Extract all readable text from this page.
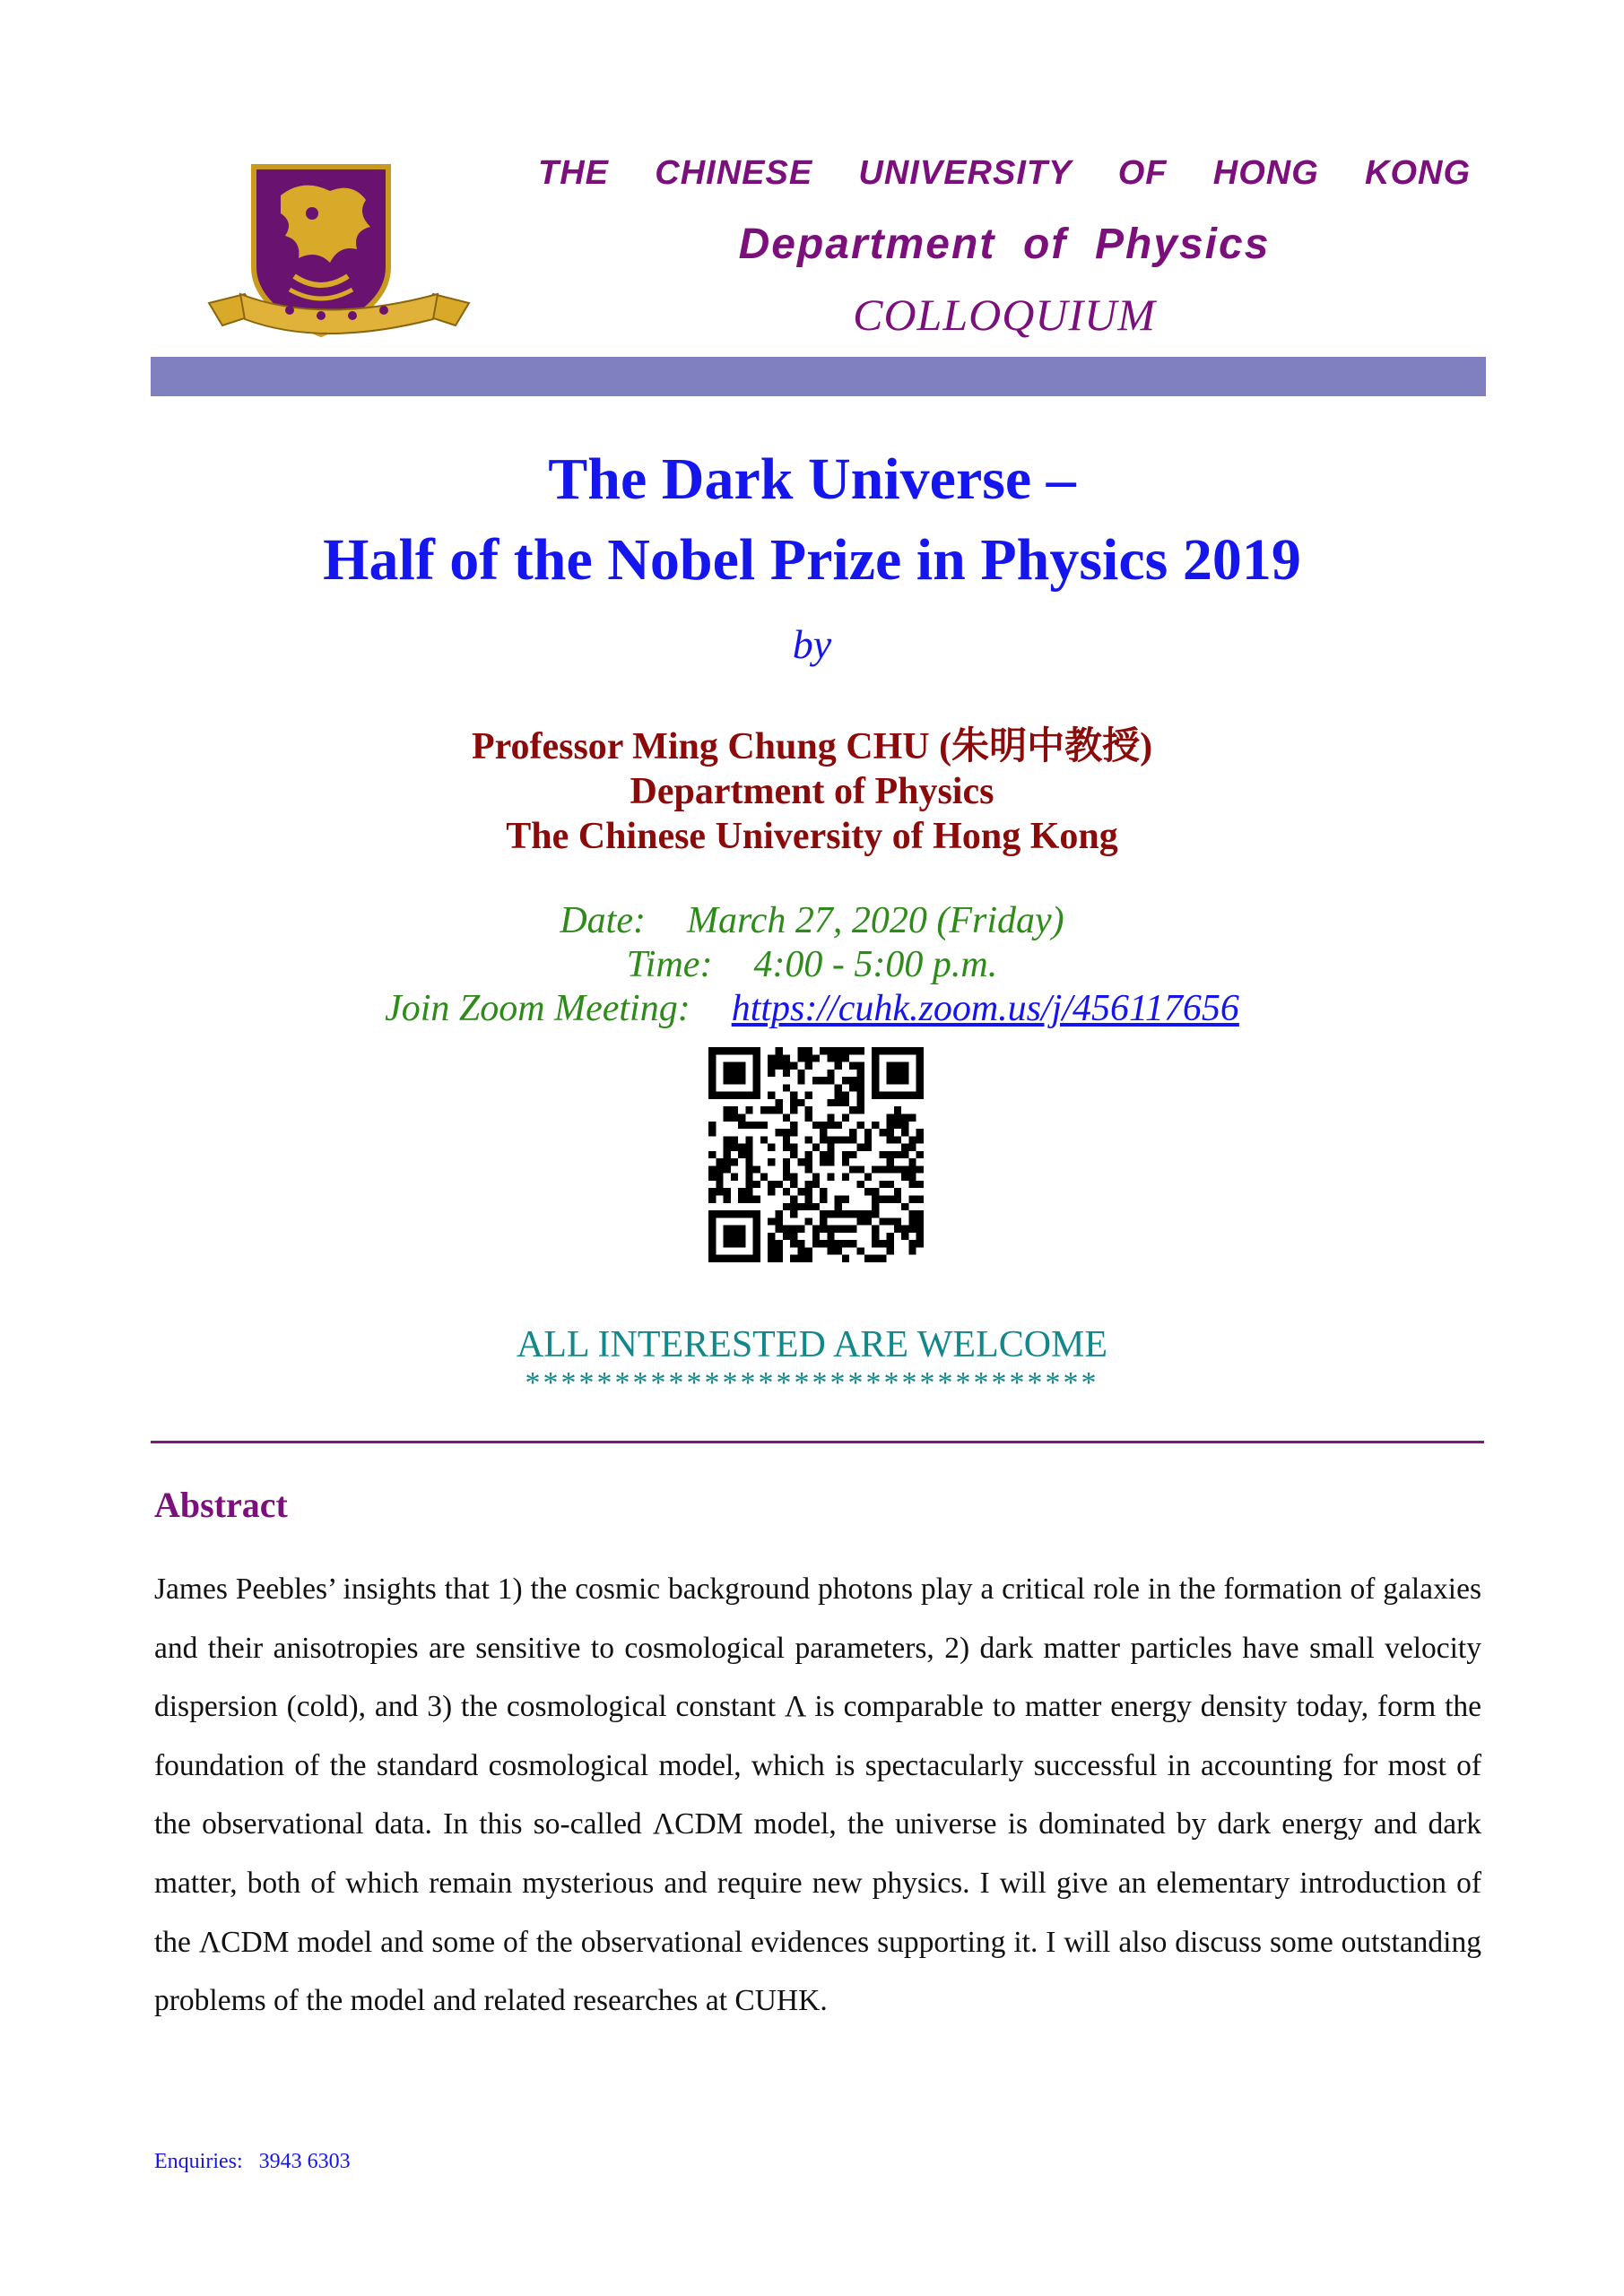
THE CHINESE UNIVERSITY OF HONG KONG
Department  of  Physics
COLLOQUIUM
The Dark Universe –
Half of the Nobel Prize in Physics 2019
by
Professor Ming Chung CHU (朱明中教授)
Department of Physics
The Chinese University of Hong Kong
Date: March 27, 2020 (Friday)
Time: 4:00 - 5:00 p.m.
Join Zoom Meeting: https://cuhk.zoom.us/j/456117656
ALL INTERESTED ARE WELCOME
********************************
Abstract
James Peebles’ insights that 1) the cosmic background photons play a critical role in the formation of galaxies and their anisotropies are sensitive to cosmological parameters, 2) dark matter particles have small velocity dispersion (cold), and 3) the cosmological constant Λ is comparable to matter energy density today, form the foundation of the standard cosmological model, which is spectacularly successful in accounting for most of the observational data. In this so-called ΛCDM model, the universe is dominated by dark energy and dark matter, both of which remain mysterious and require new physics. I will give an elementary introduction of the ΛCDM model and some of the observational evidences supporting it. I will also discuss some outstanding problems of the model and related researches at CUHK.
Enquiries:   3943 6303
